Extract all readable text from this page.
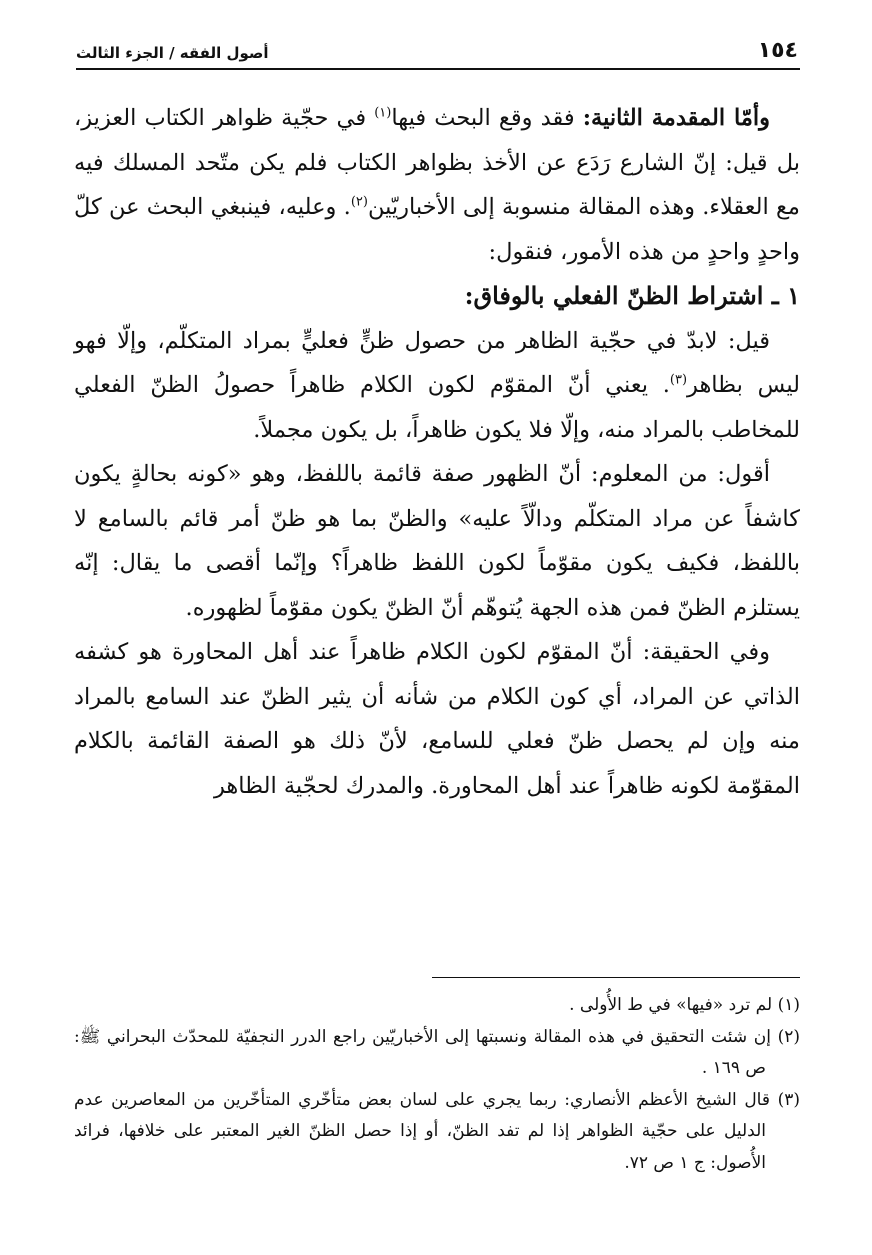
١٥٤
أصول الفقه / الجزء الثالث

وأمّا المقدمة الثانية: فقد وقع البحث فيها$^{(١)}$ في حجّية ظواهر الكتاب العزيز، بل قيل: إنّ الشارع رَدَع عن الأخذ بظواهر الكتاب فلم يكن متّحد المسلك فيه مع العقلاء. وهذه المقالة منسوبة إلى الأخباريّين$^{(٢)}$. وعليه، فينبغي البحث عن كلّ واحدٍ واحدٍ من هذه الأمور، فنقول:

١ ـ اشتراط الظنّ الفعلي بالوفاق:

قيل: لابدّ في حجّية الظاهر من حصول ظنٍّ فعليٍّ بمراد المتكلّم، وإلّا فهو ليس بظاهر$^{(٣)}$. يعني أنّ المقوّم لكون الكلام ظاهراً حصولُ الظنّ الفعلي للمخاطب بالمراد منه، وإلّا فلا يكون ظاهراً، بل يكون مجملاً.

أقول: من المعلوم: أنّ الظهور صفة قائمة باللفظ، وهو «كونه بحالةٍ يكون كاشفاً عن مراد المتكلّم ودالّاً عليه» والظنّ بما هو ظنّ أمر قائم بالسامع لا باللفظ، فكيف يكون مقوّماً لكون اللفظ ظاهراً؟ وإنّما أقصى ما يقال: إنّه يستلزم الظنّ فمن هذه الجهة يُتوهّم أنّ الظنّ يكون مقوّماً لظهوره.

وفي الحقيقة: أنّ المقوّم لكون الكلام ظاهراً عند أهل المحاورة هو كشفه الذاتي عن المراد، أي كون الكلام من شأنه أن يثير الظنّ عند السامع بالمراد منه وإن لم يحصل ظنّ فعلي للسامع، لأنّ ذلك هو الصفة القائمة بالكلام المقوّمة لكونه ظاهراً عند أهل المحاورة. والمدرك لحجّية الظاهر

(١) لم ترد «فيها» في ط الأُولى .

(٢) إن شئت التحقيق في هذه المقالة ونسبتها إلى الأخباريّين راجع الدرر النجفيّة للمحدّث البحراني ﷺ: ص ١٦٩ .

(٣) قال الشيخ الأعظم الأنصاري: ربما يجري على لسان بعض متأخّري المتأخّرين من المعاصرين عدم الدليل على حجّية الظواهر إذا لم تفد الظنّ، أو إذا حصل الظنّ الغير المعتبر على خلافها، فرائد الأُصول: ج ١ ص ٧٢.
